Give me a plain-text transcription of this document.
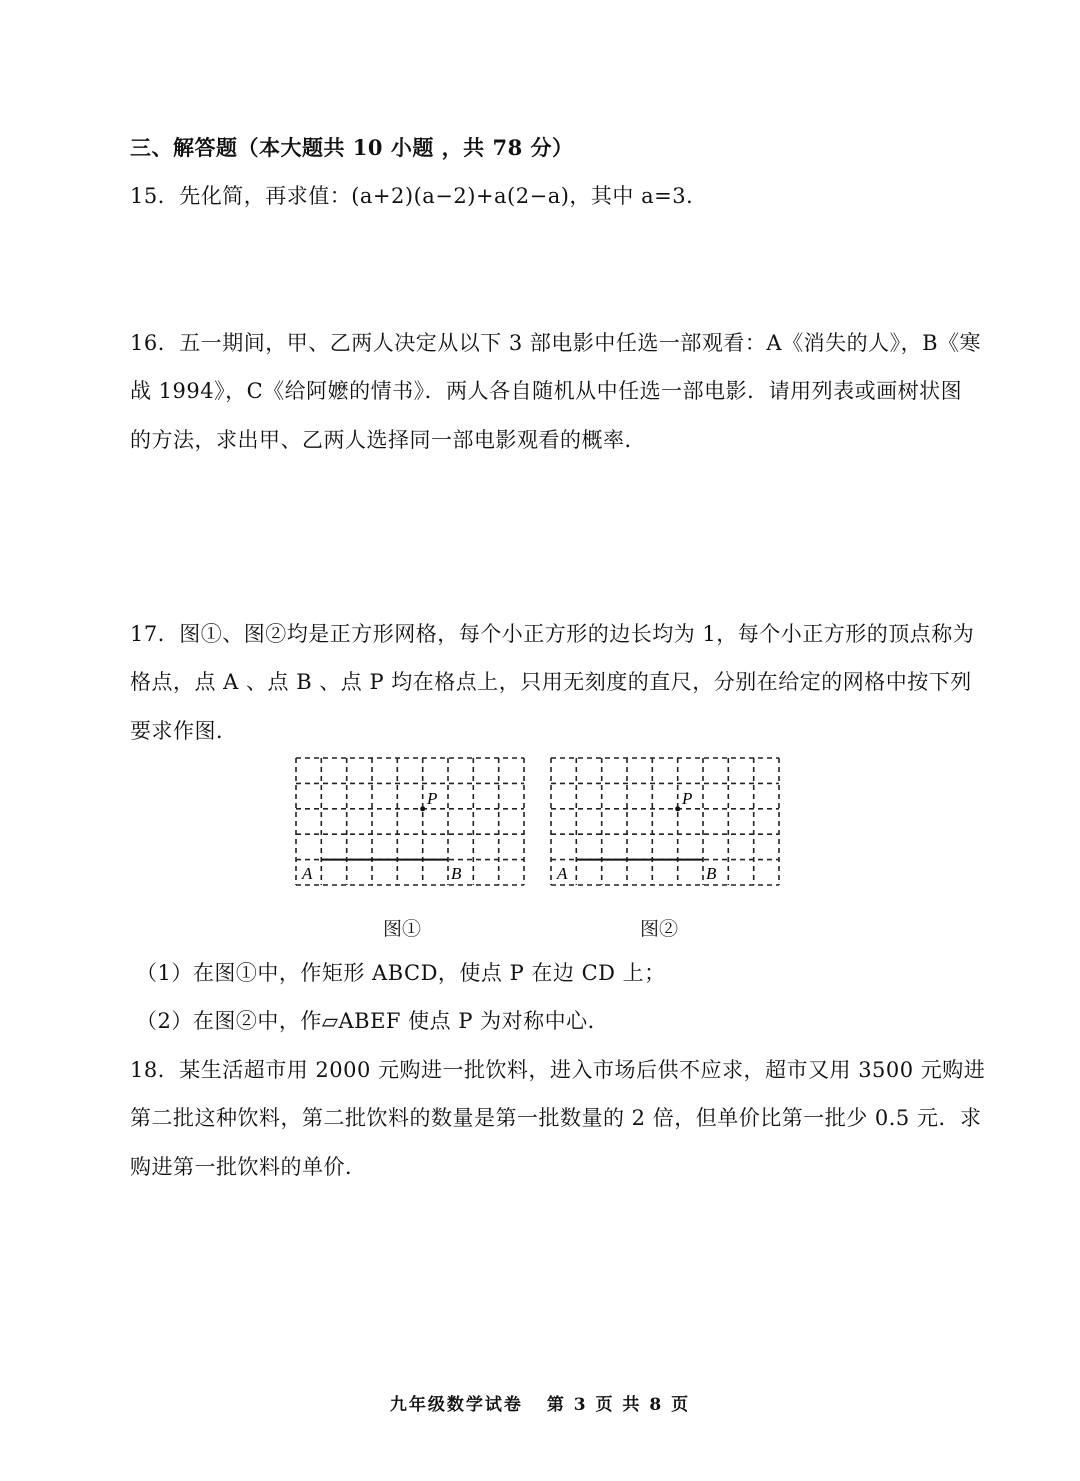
三、解答题（本大题共 10 小题 ，共 78 分）
15．先化简，再求值：(a+2)(a−2)+a(2−a)，其中 a=3．
16．五一期间，甲、乙两人决定从以下 3 部电影中任选一部观看：A《消失的人》，B《寒
战 1994》，C《给阿嬷的情书》．两人各自随机从中任选一部电影．请用列表或画树状图
的方法，求出甲、乙两人选择同一部电影观看的概率．
17．图①、图②均是正方形网格，每个小正方形的边长均为 1，每个小正方形的顶点称为
格点，点 A 、点 B 、点 P 均在格点上，只用无刻度的直尺，分别在给定的网格中按下列
要求作图．
A	B
P
A	B
P
图①	图②
（1）在图①中，作矩形 ABCD，使点 P 在边 CD 上；
（2）在图②中，作▱ABEF 使点 P 为对称中心．
18．某生活超市用 2000 元购进一批饮料，进入市场后供不应求，超市又用 3500 元购进
第二批这种饮料，第二批饮料的数量是第一批数量的 2 倍，但单价比第一批少 0.5 元．求
购进第一批饮料的单价．
九年级数学试卷 第 3 页 共 8 页
